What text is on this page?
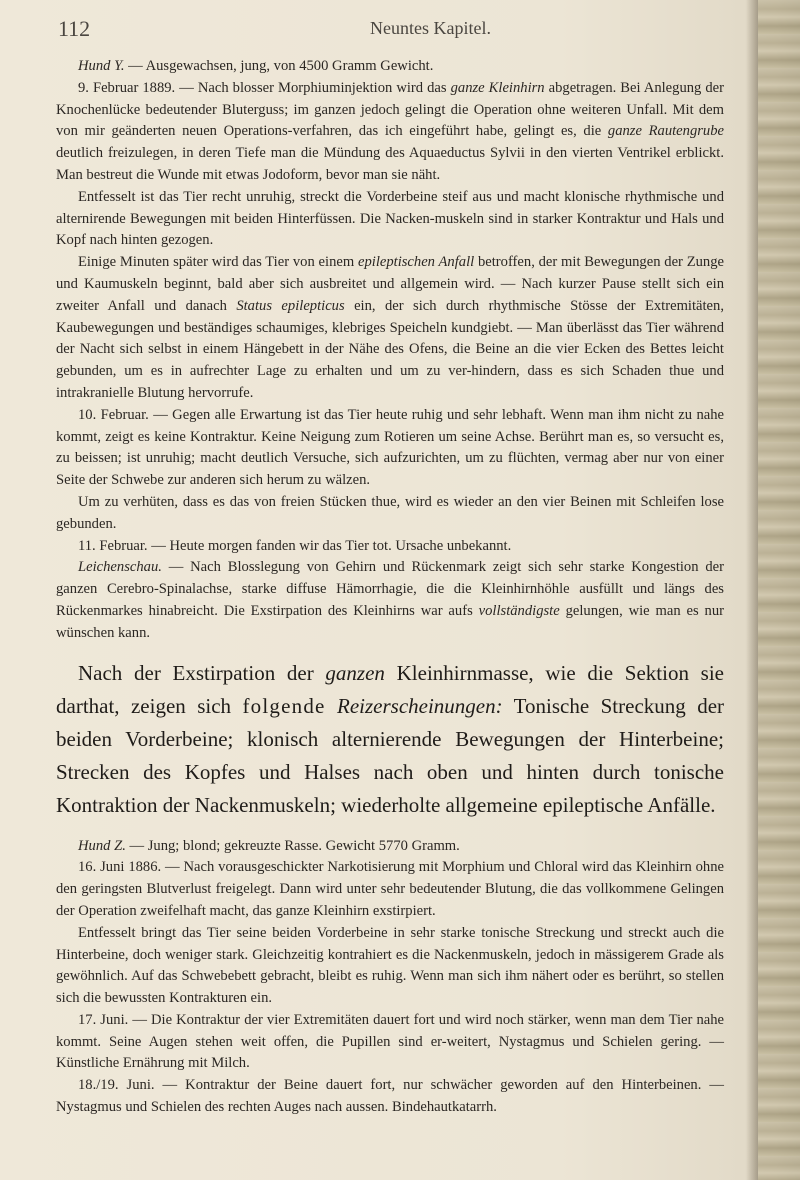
112	Neuntes Kapitel.

Hund Y. — Ausgewachsen, jung, von 4500 Gramm Gewicht.

9. Februar 1889. — Nach blosser Morphiuminjektion wird das ganze Kleinhirn abgetragen. Bei Anlegung der Knochenlücke bedeutender Bluterguss; im ganzen jedoch gelingt die Operation ohne weiteren Unfall. Mit dem von mir geänderten neuen Operations-verfahren, das ich eingeführt habe, gelingt es, die ganze Rautengrube deutlich freizulegen, in deren Tiefe man die Mündung des Aquaeductus Sylvii in den vierten Ventrikel erblickt. Man bestreut die Wunde mit etwas Jodoform, bevor man sie näht.

Entfesselt ist das Tier recht unruhig, streckt die Vorderbeine steif aus und macht klonische rhythmische und alternirende Bewegungen mit beiden Hinterfüssen. Die Nacken-muskeln sind in starker Kontraktur und Hals und Kopf nach hinten gezogen.

Einige Minuten später wird das Tier von einem epileptischen Anfall betroffen, der mit Bewegungen der Zunge und Kaumuskeln beginnt, bald aber sich ausbreitet und allgemein wird. — Nach kurzer Pause stellt sich ein zweiter Anfall und danach Status epilepticus ein, der sich durch rhythmische Stösse der Extremitäten, Kaubewegungen und beständiges schaumiges, klebriges Speicheln kundgiebt. — Man überlässt das Tier während der Nacht sich selbst in einem Hängebett in der Nähe des Ofens, die Beine an die vier Ecken des Bettes leicht gebunden, um es in aufrechter Lage zu erhalten und um zu ver-hindern, dass es sich Schaden thue und intrakranielle Blutung hervorrufe.

10. Februar. — Gegen alle Erwartung ist das Tier heute ruhig und sehr lebhaft. Wenn man ihm nicht zu nahe kommt, zeigt es keine Kontraktur. Keine Neigung zum Rotieren um seine Achse. Berührt man es, so versucht es, zu beissen; ist unruhig; macht deutlich Versuche, sich aufzurichten, um zu flüchten, vermag aber nur von einer Seite der Schwebe zur anderen sich herum zu wälzen.

Um zu verhüten, dass es das von freien Stücken thue, wird es wieder an den vier Beinen mit Schleifen lose gebunden.

11. Februar. — Heute morgen fanden wir das Tier tot. Ursache unbekannt.

Leichenschau. — Nach Blosslegung von Gehirn und Rückenmark zeigt sich sehr starke Kongestion der ganzen Cerebro-Spinalachse, starke diffuse Hämorrhagie, die die Kleinhirnhöhle ausfüllt und längs des Rückenmarkes hinabreicht. Die Exstirpation des Kleinhirns war aufs vollständigste gelungen, wie man es nur wünschen kann.

Nach der Exstirpation der ganzen Kleinhirnmasse, wie die Sektion sie darthat, zeigen sich folgende Reizerscheinungen: Tonische Streckung der beiden Vorderbeine; klonisch alternierende Bewegungen der Hinterbeine; Strecken des Kopfes und Halses nach oben und hinten durch tonische Kontraktion der Nackenmuskeln; wiederholte allgemeine epileptische Anfälle.

Hund Z. — Jung; blond; gekreuzte Rasse. Gewicht 5770 Gramm.

16. Juni 1886. — Nach vorausgeschickter Narkotisierung mit Morphium und Chloral wird das Kleinhirn ohne den geringsten Blutverlust freigelegt. Dann wird unter sehr bedeutender Blutung, die das vollkommene Gelingen der Operation zweifelhaft macht, das ganze Kleinhirn exstirpiert.

Entfesselt bringt das Tier seine beiden Vorderbeine in sehr starke tonische Streckung und streckt auch die Hinterbeine, doch weniger stark. Gleichzeitig kontrahiert es die Nackenmuskeln, jedoch in mässigerem Grade als gewöhnlich. Auf das Schwebebett gebracht, bleibt es ruhig. Wenn man sich ihm nähert oder es berührt, so stellen sich die bewussten Kontrakturen ein.

17. Juni. — Die Kontraktur der vier Extremitäten dauert fort und wird noch stärker, wenn man dem Tier nahe kommt. Seine Augen stehen weit offen, die Pupillen sind er-weitert, Nystagmus und Schielen gering. — Künstliche Ernährung mit Milch.

18./19. Juni. — Kontraktur der Beine dauert fort, nur schwächer geworden auf den Hinterbeinen. — Nystagmus und Schielen des rechten Auges nach aussen. Bindehautkatarrh.
